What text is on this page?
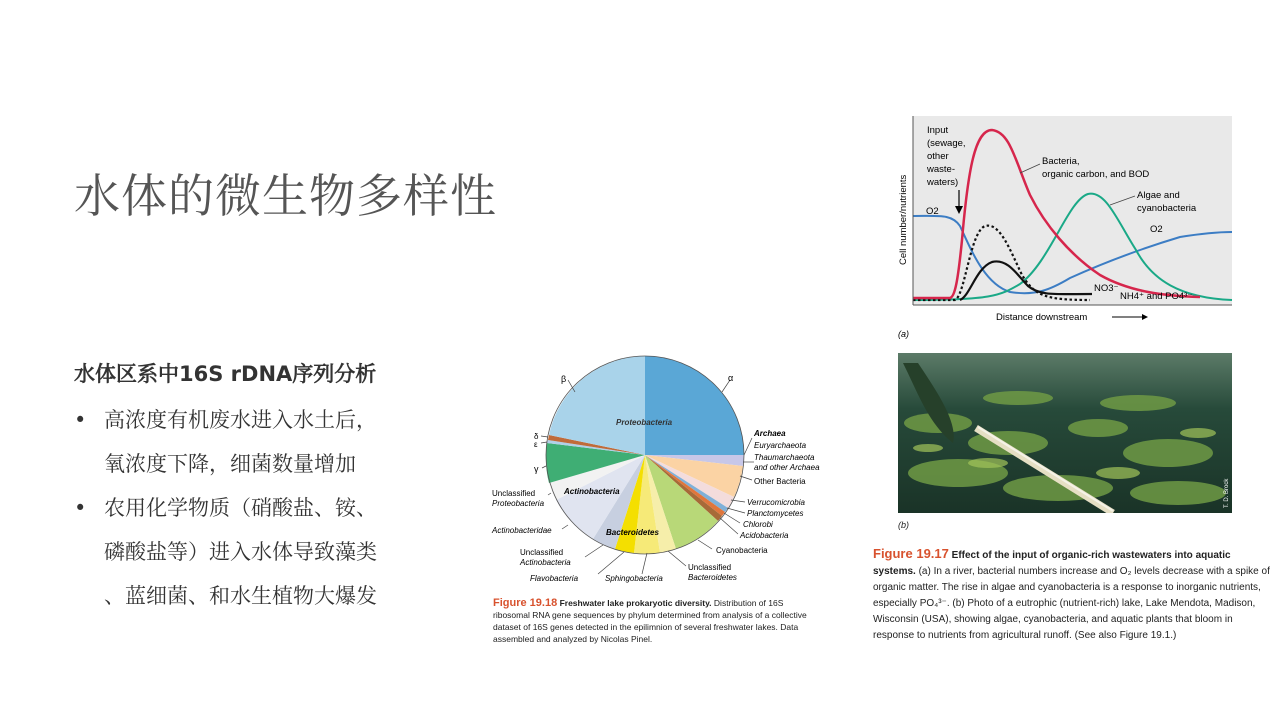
水体的微生物多样性
水体区系中16S rDNA序列分析
• 高浓度有机废水进入水土后，
氧浓度下降，细菌数量增加
• 农用化学物质（硝酸盐、铵、
磷酸盐等）进入水体导致藻类
、蓝细菌、和水生植物大爆发
β	α
δ
ε
γ
Proteobacteria
Archaea
Euryarchaeota
Thaumarchaeota
and other Archaea
Other Bacteria
Unclassified
Proteobacteria
Actinobacteria
Actinobacteridae
Verrucomicrobia
Planctomycetes
Chlorobi
Acidobacteria
Bacteroidetes
Cyanobacteria
Unclassified
Actinobacteria
Unclassified
Bacteroidetes
Flavobacteria	Sphingobacteria
Figure 19.18 Freshwater lake prokaryotic diversity. Distribution of 16S ribosomal RNA gene sequences by phylum determined from analysis of a collective dataset of 16S genes detected in the epilimnion of several freshwater lakes. Data assembled and analyzed by Nicolas Pinel.
Cell number/nutrients
Input (sewage, other waste- waters)
O2
Bacteria,
organic carbon, and BOD
Algae and
cyanobacteria
O2
NO3⁻
NH4⁺ and PO4³⁻
Distance downstream
(a)
T. D. Brock
(b)
Figure 19.17 Effect of the input of organic-rich wastewaters into aquatic systems. (a) In a river, bacterial numbers increase and O₂ levels decrease with a spike of organic matter. The rise in algae and cyanobacteria is a response to inorganic nutrients, especially PO₄³⁻. (b) Photo of a eutrophic (nutrient-rich) lake, Lake Mendota, Madison, Wisconsin (USA), showing algae, cyanobacteria, and aquatic plants that bloom in response to nutrients from agricultural runoff. (See also Figure 19.1.)
